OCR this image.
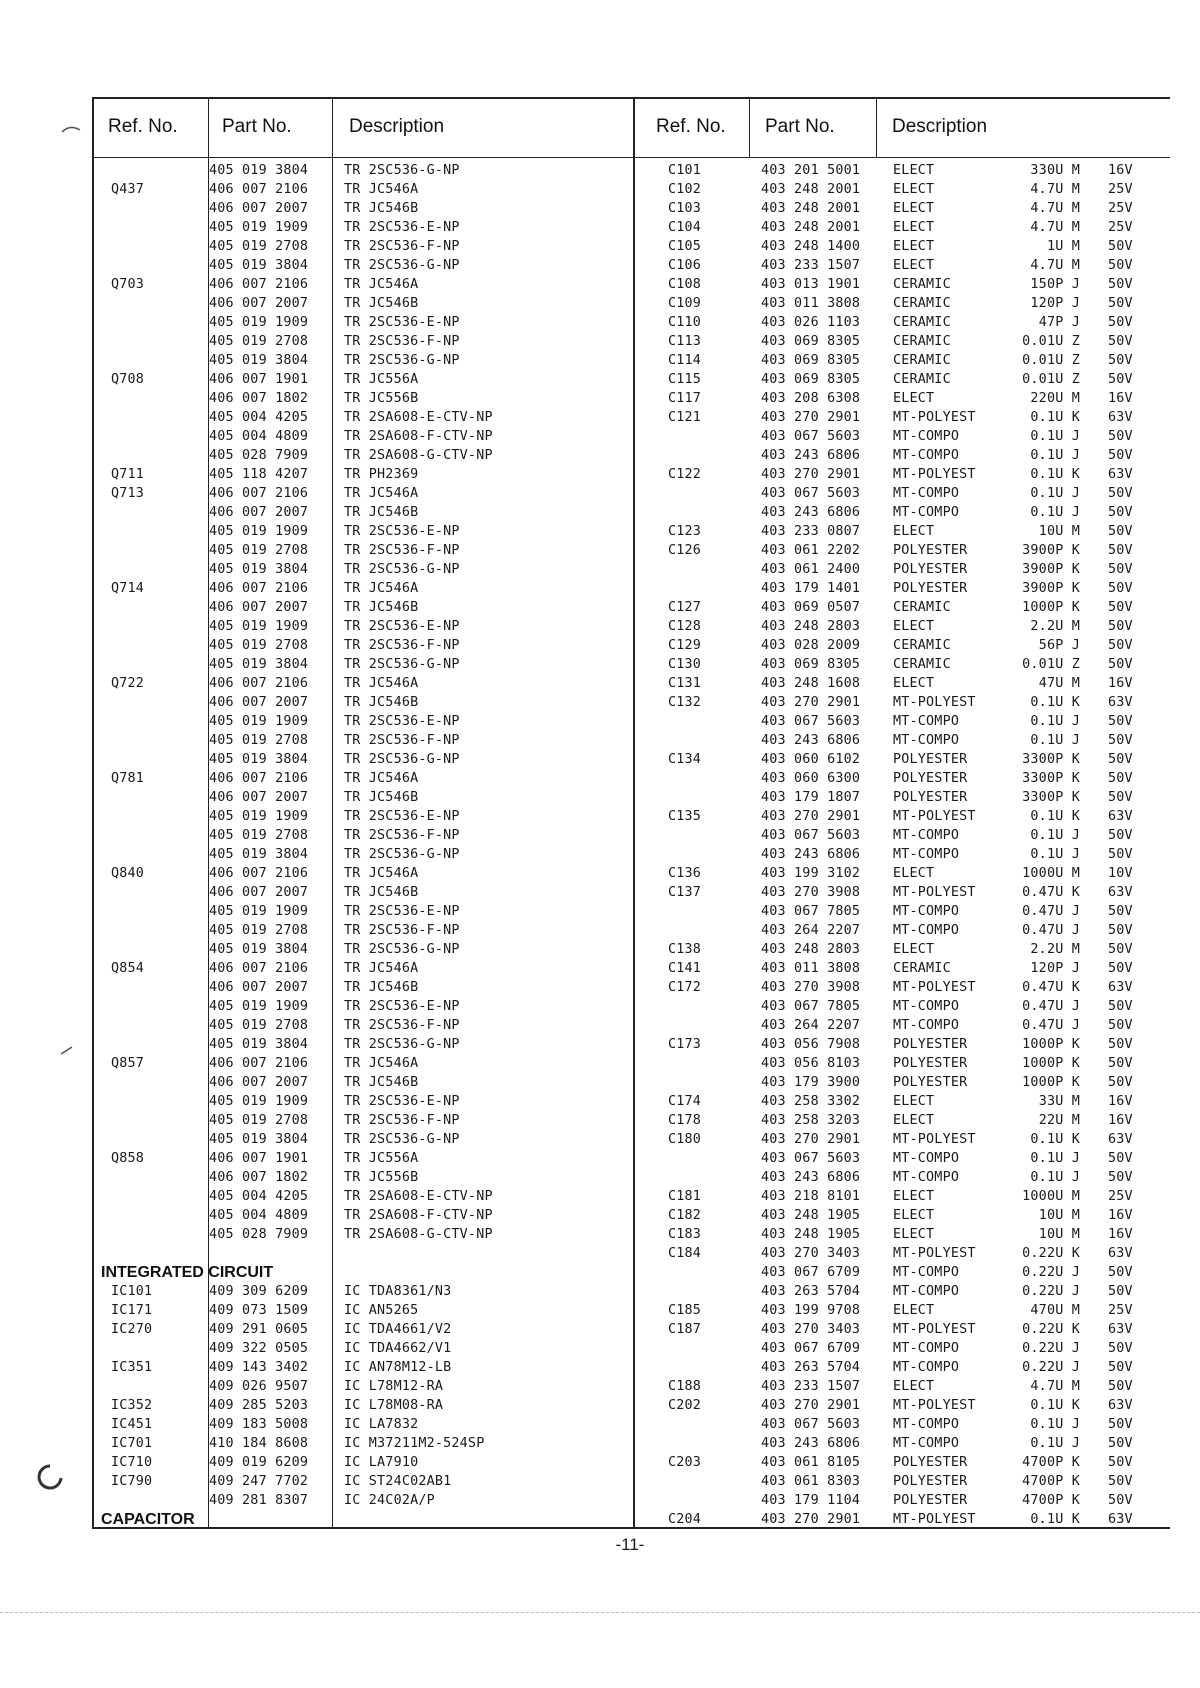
Ref. No. Part No.	Description	Ref. No. Part No.	Description
405 019 3804	TR 2SC536-G-NP
Q437	406 007 2106	TR JC546A
406 007 2007	TR JC546B
405 019 1909	TR 2SC536-E-NP
405 019 2708	TR 2SC536-F-NP
405 019 3804	TR 2SC536-G-NP
Q703	406 007 2106	TR JC546A
406 007 2007	TR JC546B
405 019 1909	TR 2SC536-E-NP
405 019 2708	TR 2SC536-F-NP
405 019 3804	TR 2SC536-G-NP
Q708	406 007 1901	TR JC556A
406 007 1802	TR JC556B
405 004 4205	TR 2SA608-E-CTV-NP
405 004 4809	TR 2SA608-F-CTV-NP
405 028 7909	TR 2SA608-G-CTV-NP
Q711	405 118 4207	TR PH2369
Q713	406 007 2106	TR JC546A
406 007 2007	TR JC546B
405 019 1909	TR 2SC536-E-NP
405 019 2708	TR 2SC536-F-NP
405 019 3804	TR 2SC536-G-NP
Q714	406 007 2106	TR JC546A
406 007 2007	TR JC546B
405 019 1909	TR 2SC536-E-NP
405 019 2708	TR 2SC536-F-NP
405 019 3804	TR 2SC536-G-NP
Q722	406 007 2106	TR JC546A
406 007 2007	TR JC546B
405 019 1909	TR 2SC536-E-NP
405 019 2708	TR 2SC536-F-NP
405 019 3804	TR 2SC536-G-NP
Q781	406 007 2106	TR JC546A
406 007 2007	TR JC546B
405 019 1909	TR 2SC536-E-NP
405 019 2708	TR 2SC536-F-NP
405 019 3804	TR 2SC536-G-NP
Q840	406 007 2106	TR JC546A
406 007 2007	TR JC546B
405 019 1909	TR 2SC536-E-NP
405 019 2708	TR 2SC536-F-NP
405 019 3804	TR 2SC536-G-NP
Q854	406 007 2106	TR JC546A
406 007 2007	TR JC546B
405 019 1909	TR 2SC536-E-NP
405 019 2708	TR 2SC536-F-NP
405 019 3804	TR 2SC536-G-NP
Q857	406 007 2106	TR JC546A
406 007 2007	TR JC546B
405 019 1909	TR 2SC536-E-NP
405 019 2708	TR 2SC536-F-NP
405 019 3804	TR 2SC536-G-NP
Q858	406 007 1901	TR JC556A
406 007 1802	TR JC556B
405 004 4205	TR 2SA608-E-CTV-NP
405 004 4809	TR 2SA608-F-CTV-NP
405 028 7909	TR 2SA608-G-CTV-NP
INTEGRATED CIRCUIT
IC101	409 309 6209	IC TDA8361/N3
IC171	409 073 1509	IC AN5265
IC270	409 291 0605	IC TDA4661/V2
409 322 0505	IC TDA4662/V1
IC351	409 143 3402	IC AN78M12-LB
409 026 9507	IC L78M12-RA
IC352	409 285 5203	IC L78M08-RA
IC451	409 183 5008	IC LA7832
IC701	410 184 8608	IC M37211M2-524SP
IC710	409 019 6209	IC LA7910
IC790	409 247 7702	IC ST24C02AB1
409 281 8307	IC 24C02A/P
CAPACITOR
C101	403 201 5001 ELECT	330U M 16V
C102	403 248 2001 ELECT	4.7U M 25V
C103	403 248 2001 ELECT	4.7U M 25V
C104	403 248 2001 ELECT	4.7U M 25V
C105	403 248 1400 ELECT	1U M 50V
C106	403 233 1507 ELECT	4.7U M 50V
C108	403 013 1901 CERAMIC	150P J 50V
C109	403 011 3808 CERAMIC	120P J 50V
C110	403 026 1103 CERAMIC	47P J 50V
C113	403 069 8305 CERAMIC	0.01U Z 50V
C114	403 069 8305 CERAMIC	0.01U Z 50V
C115	403 069 8305 CERAMIC	0.01U Z 50V
C117	403 208 6308 ELECT	220U M 16V
C121	403 270 2901 MT-POLYEST	0.1U K 63V
403 067 5603 MT-COMPO	0.1U J 50V
403 243 6806 MT-COMPO	0.1U J 50V
C122	403 270 2901 MT-POLYEST	0.1U K 63V
403 067 5603 MT-COMPO	0.1U J 50V
403 243 6806 MT-COMPO	0.1U J 50V
C123	403 233 0807 ELECT	10U M 50V
C126	403 061 2202 POLYESTER	3900P K 50V
403 061 2400 POLYESTER	3900P K 50V
403 179 1401 POLYESTER	3900P K 50V
C127	403 069 0507 CERAMIC	1000P K 50V
C128	403 248 2803 ELECT	2.2U M 50V
C129	403 028 2009 CERAMIC	56P J 50V
C130	403 069 8305 CERAMIC	0.01U Z 50V
C131	403 248 1608 ELECT	47U M 16V
C132	403 270 2901 MT-POLYEST	0.1U K 63V
403 067 5603 MT-COMPO	0.1U J 50V
403 243 6806 MT-COMPO	0.1U J 50V
C134	403 060 6102 POLYESTER	3300P K 50V
403 060 6300 POLYESTER	3300P K 50V
403 179 1807 POLYESTER	3300P K 50V
C135	403 270 2901 MT-POLYEST	0.1U K 63V
403 067 5603 MT-COMPO	0.1U J 50V
403 243 6806 MT-COMPO	0.1U J 50V
C136	403 199 3102 ELECT	1000U M 10V
C137	403 270 3908 MT-POLYEST	0.47U K 63V
403 067 7805 MT-COMPO	0.47U J 50V
403 264 2207 MT-COMPO	0.47U J 50V
C138	403 248 2803 ELECT	2.2U M 50V
C141	403 011 3808 CERAMIC	120P J 50V
C172	403 270 3908 MT-POLYEST	0.47U K 63V
403 067 7805 MT-COMPO	0.47U J 50V
403 264 2207 MT-COMPO	0.47U J 50V
C173	403 056 7908 POLYESTER	1000P K 50V
403 056 8103 POLYESTER	1000P K 50V
403 179 3900 POLYESTER	1000P K 50V
C174	403 258 3302 ELECT	33U M 16V
C178	403 258 3203 ELECT	22U M 16V
C180	403 270 2901 MT-POLYEST	0.1U K 63V
403 067 5603 MT-COMPO	0.1U J 50V
403 243 6806 MT-COMPO	0.1U J 50V
C181	403 218 8101 ELECT	1000U M 25V
C182	403 248 1905 ELECT	10U M 16V
C183	403 248 1905 ELECT	10U M 16V
C184	403 270 3403 MT-POLYEST	0.22U K 63V
403 067 6709 MT-COMPO	0.22U J 50V
403 263 5704 MT-COMPO	0.22U J 50V
C185	403 199 9708 ELECT	470U M 25V
C187	403 270 3403 MT-POLYEST	0.22U K 63V
403 067 6709 MT-COMPO	0.22U J 50V
403 263 5704 MT-COMPO	0.22U J 50V
C188	403 233 1507 ELECT	4.7U M 50V
C202	403 270 2901 MT-POLYEST	0.1U K 63V
403 067 5603 MT-COMPO	0.1U J 50V
403 243 6806 MT-COMPO	0.1U J 50V
C203	403 061 8105 POLYESTER	4700P K 50V
403 061 8303 POLYESTER	4700P K 50V
403 179 1104 POLYESTER	4700P K 50V
C204	403 270 2901 MT-POLYEST	0.1U K 63V
-11-
